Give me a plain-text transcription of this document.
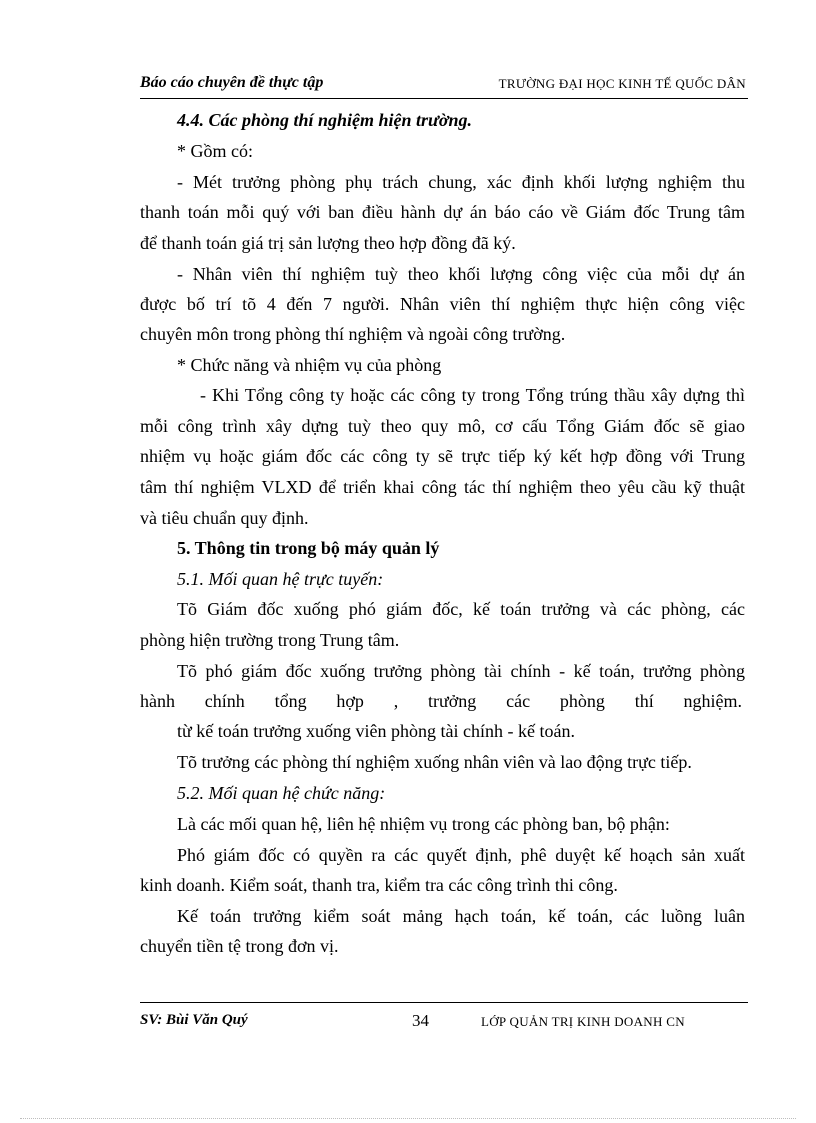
Báo cáo chuyên đề thực tập	TRƯỜNG ĐẠI HỌC KINH TẾ QUỐC DÂN
4.4. Các phòng thí nghiệm hiện trường.
* Gồm có:
- Mét trưởng phòng phụ trách chung, xác định khối lượng nghiệm thu
thanh toán mỗi quý với ban điều hành dự án báo cáo về Giám đốc Trung tâm
để thanh toán giá trị sản lượng theo hợp đồng đã ký.
- Nhân viên thí nghiệm tuỳ theo khối lượng công việc của mỗi dự án
được bố trí tõ 4 đến 7 người. Nhân viên thí nghiệm thực hiện công việc
chuyên môn trong phòng thí nghiệm và ngoài công trường.
* Chức năng và nhiệm vụ của phòng
- Khi Tổng công ty hoặc các công ty trong Tổng trúng thầu xây dựng thì
mỗi công trình xây dựng tuỳ theo quy mô, cơ cấu Tổng Giám đốc sẽ giao
nhiệm vụ hoặc giám đốc các công ty sẽ trực tiếp ký kết hợp đồng với Trung
tâm thí nghiệm VLXD để triển khai công tác thí nghiệm theo yêu cầu kỹ thuật
và tiêu chuẩn quy định.
5. Thông tin trong bộ máy quản lý
5.1. Mối quan hệ trực tuyến:
Tõ Giám đốc xuống phó giám đốc, kế toán trưởng và các phòng, các
phòng hiện trường trong Trung tâm.
Tõ phó giám đốc xuống trưởng phòng tài chính - kế toán, trưởng phòng
hành chính tổng hợp , trưởng các phòng thí nghiệm.
từ kế toán trưởng xuống viên phòng tài chính - kế toán.
Tõ trưởng các phòng thí nghiệm xuống nhân viên và lao động trực tiếp.
5.2. Mối quan hệ chức năng:
Là các mối quan hệ, liên hệ nhiệm vụ trong các phòng ban, bộ phận:
Phó giám đốc có quyền ra các quyết định, phê duyệt kế hoạch sản xuất
kinh doanh. Kiểm soát, thanh tra, kiểm tra các công trình thi công.
Kế toán trưởng kiểm soát mảng hạch toán, kế toán, các luồng luân
chuyển tiền tệ trong đơn vị.
SV: Bùi Văn Quý	34	LỚP QUẢN TRỊ KINH DOANH CN
